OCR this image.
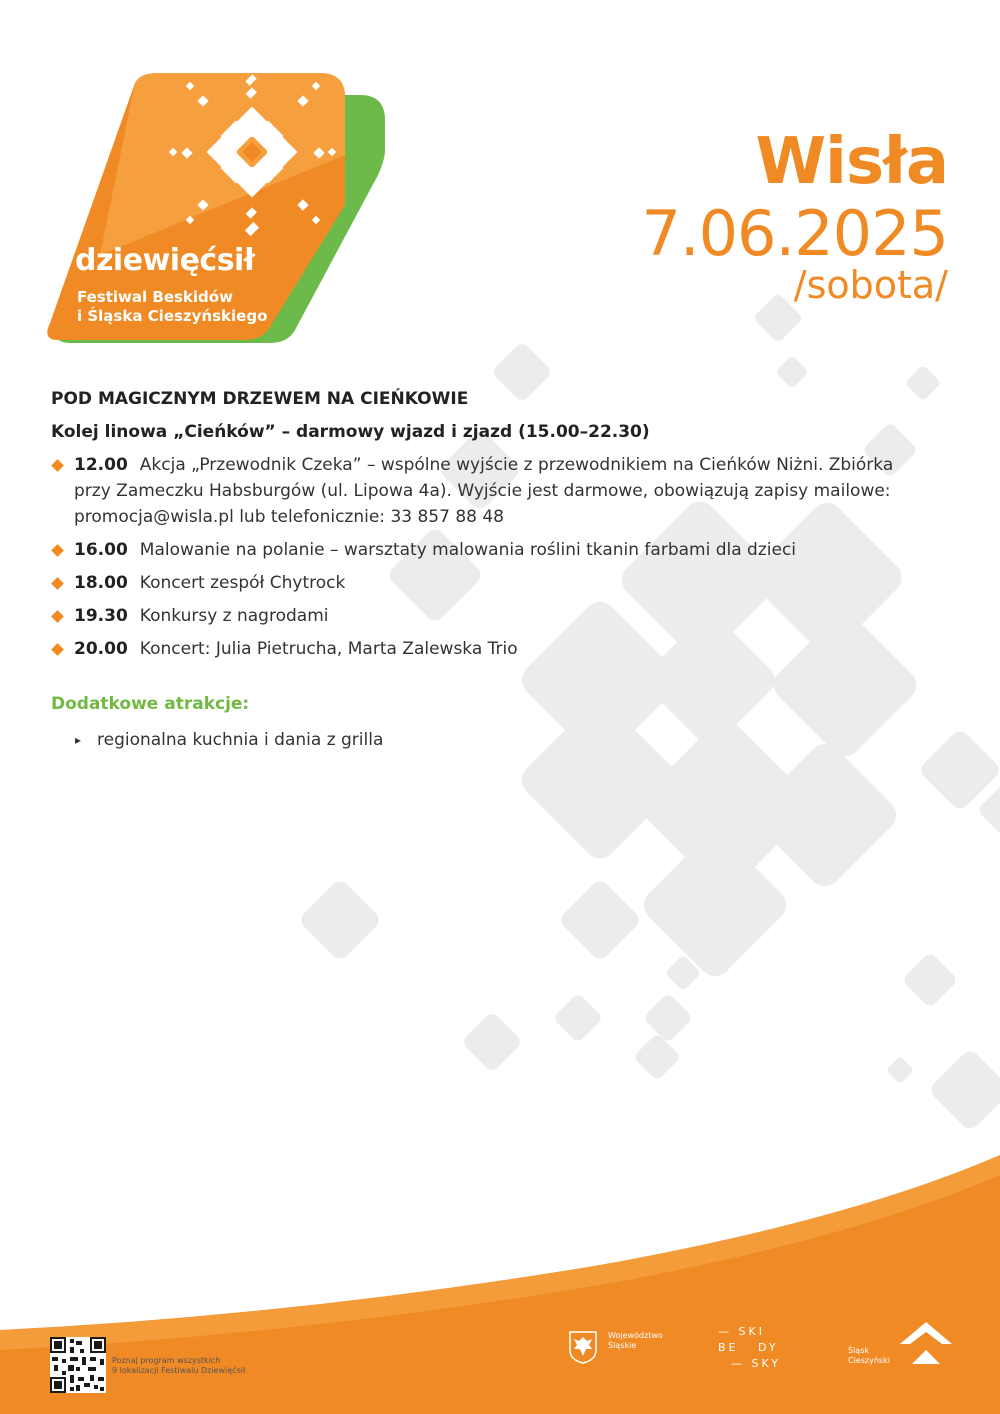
dziewięćsił
Festiwal Beskidów
i Śląska Cieszyńskiego
Wisła
7.06.2025
/sobota/
POD MAGICZNYM DRZEWEM NA CIEŃKOWIE
Kolej linowa „Cieńków” – darmowy wjazd i zjazd (15.00–22.30)
12.00 Akcja „Przewodnik Czeka” – wspólne wyjście z przewodnikiem na Cieńków Niżni. Zbiórka przy Zameczku Habsburgów (ul. Lipowa 4a). Wyjście jest darmowe, obowiązują zapisy mailowe: promocja@wisla.pl lub telefonicznie: 33 857 88 48
16.00 Malowanie na polanie – warsztaty malowania roślini tkanin farbami dla dzieci
18.00 Koncert zespół Chytrock
19.30 Konkursy z nagrodami
20.00 Koncert: Julia Pietrucha, Marta Zalewska Trio
Dodatkowe atrakcje:
▸ regionalna kuchnia i dania z grilla
Poznaj program wszystkich
9 lokalizacji Festiwalu Dziewięćsił
Województwo
Śląskie
— SKI
BE   DY
— SKY
Śląsk
Cieszyński
